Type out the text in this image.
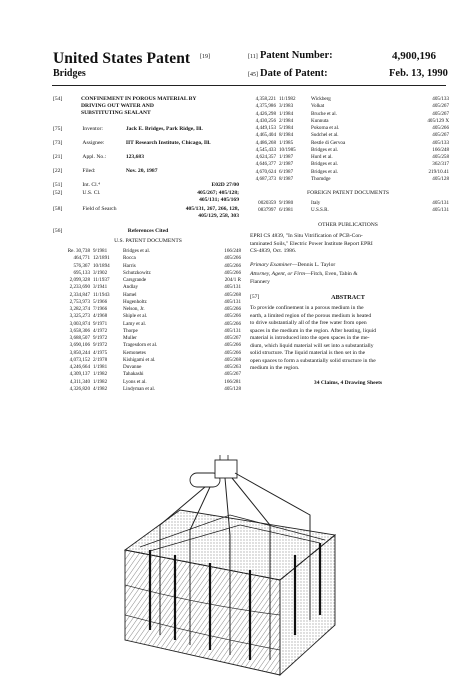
United States Patent [19]
Bridges
[11] Patent Number:	4,900,196
[45] Date of Patent:	Feb. 13, 1990
[54]	CONFINEMENT IN POROUS MATERIAL BY
DRIVING OUT WATER AND
SUBSTITUTING SEALANT
[75]	Inventor:	Jack E. Bridges, Park Ridge, Ill.
[73]	Assignee:	IIT Research Institute, Chicago, Ill.
[21]	Appl. No.:	123,683
[22]	Filed:	Nov. 20, 1987
[51]	Int. Cl.⁴	E02D 27/00
[52]	U.S. Cl.	405/267; 405/128;
405/131; 405/169
[58]	Field of Search	405/131, 267, 266, 128,
405/129, 258, 303
[56]	References Cited
U.S. PATENT DOCUMENTS
Re. 30,738	9/1981	Bridges et al.	166/248
464,771	12/1891	Rocca	405/266
576,367	10/1894	Harris	405/266
695,133	3/1902	Schutzkowitz	405/266
2,099,328	11/1937	Carsgrande	204/1 R
2,233,690	3/1941	Andlay	405/131
2,334,847	11/1943	Hamel	405/268
2,753,973	5/1966	Hugenholtz	405/131
3,282,374	7/1966	Nelson, Jr.	405/266
3,325,273	4/1968	Shiple et al.	405/266
3,003,874	9/1971	Lamy et al.	405/266
3,658,306	4/1972	Thorpe	405/131
3,688,507	9/1972	Muller	405/267
3,690,106	9/1972	Tragesdorn et al.	405/266
3,850,244	4/1975	Kemonetes	405/266
4,073,152	2/1978	Kishigami et al.	405/268
4,246,664	1/1981	Duvanne	405/263
4,309,137	1/1982	Tahakashi	405/267
4,311,340	1/1982	Lyons et al.	166/281
4,326,820	4/1982	Lindyman et al.	405/128
4,358,221	11/1982	Wickberg	405/133
4,375,986	3/1983	Volkat	405/267
4,426,298	1/1984	Bruche et al.	405/267
4,430,256	2/1984	Kunnuta	405/129 X
4,449,153	5/1984	Pokorna et al.	405/266
4,465,404	8/1984	Sudchel et al.	405/267
4,486,268	1/1985	Restle di Gervoa	405/133
4,545,433	10/1985	Bridges et al.	166/248
4,624,357	1/1987	Hurd et al.	405/258
4,646,377	2/1987	Bridges et al.	362/317
4,670,624	6/1987	Bridges et al.	219/10.41
4,687,373	8/1987	Thomdge	405/128
FOREIGN PATENT DOCUMENTS
0020359	9/1980	Italy	405/131
0837997	6/1981	U.S.S.R.	405/131
OTHER PUBLICATIONS
EPRI CS 4839, "In Situ Vitrification of PCB-Con-
taminated Soils," Electric Power Institute Report EPRI
CS-4839, Oct. 1986.
Primary Examiner—Dennis L. Taylor
Attorney, Agent, or Firm—Fitch, Even, Tabin &
Flannery
[57]	ABSTRACT
To provide confinement in a porous medium in the
earth, a limited region of the porous medium is heated
to drive substantially all of the free water from open
spaces in the medium in the region. After heating, liquid
material is introduced into the open spaces in the me-
dium, which liquid material will set into a substantially
solid structure. The liquid material is then set in the
open spaces to form a substantially solid structure in the
medium in the region.
34 Claims, 4 Drawing Sheets
